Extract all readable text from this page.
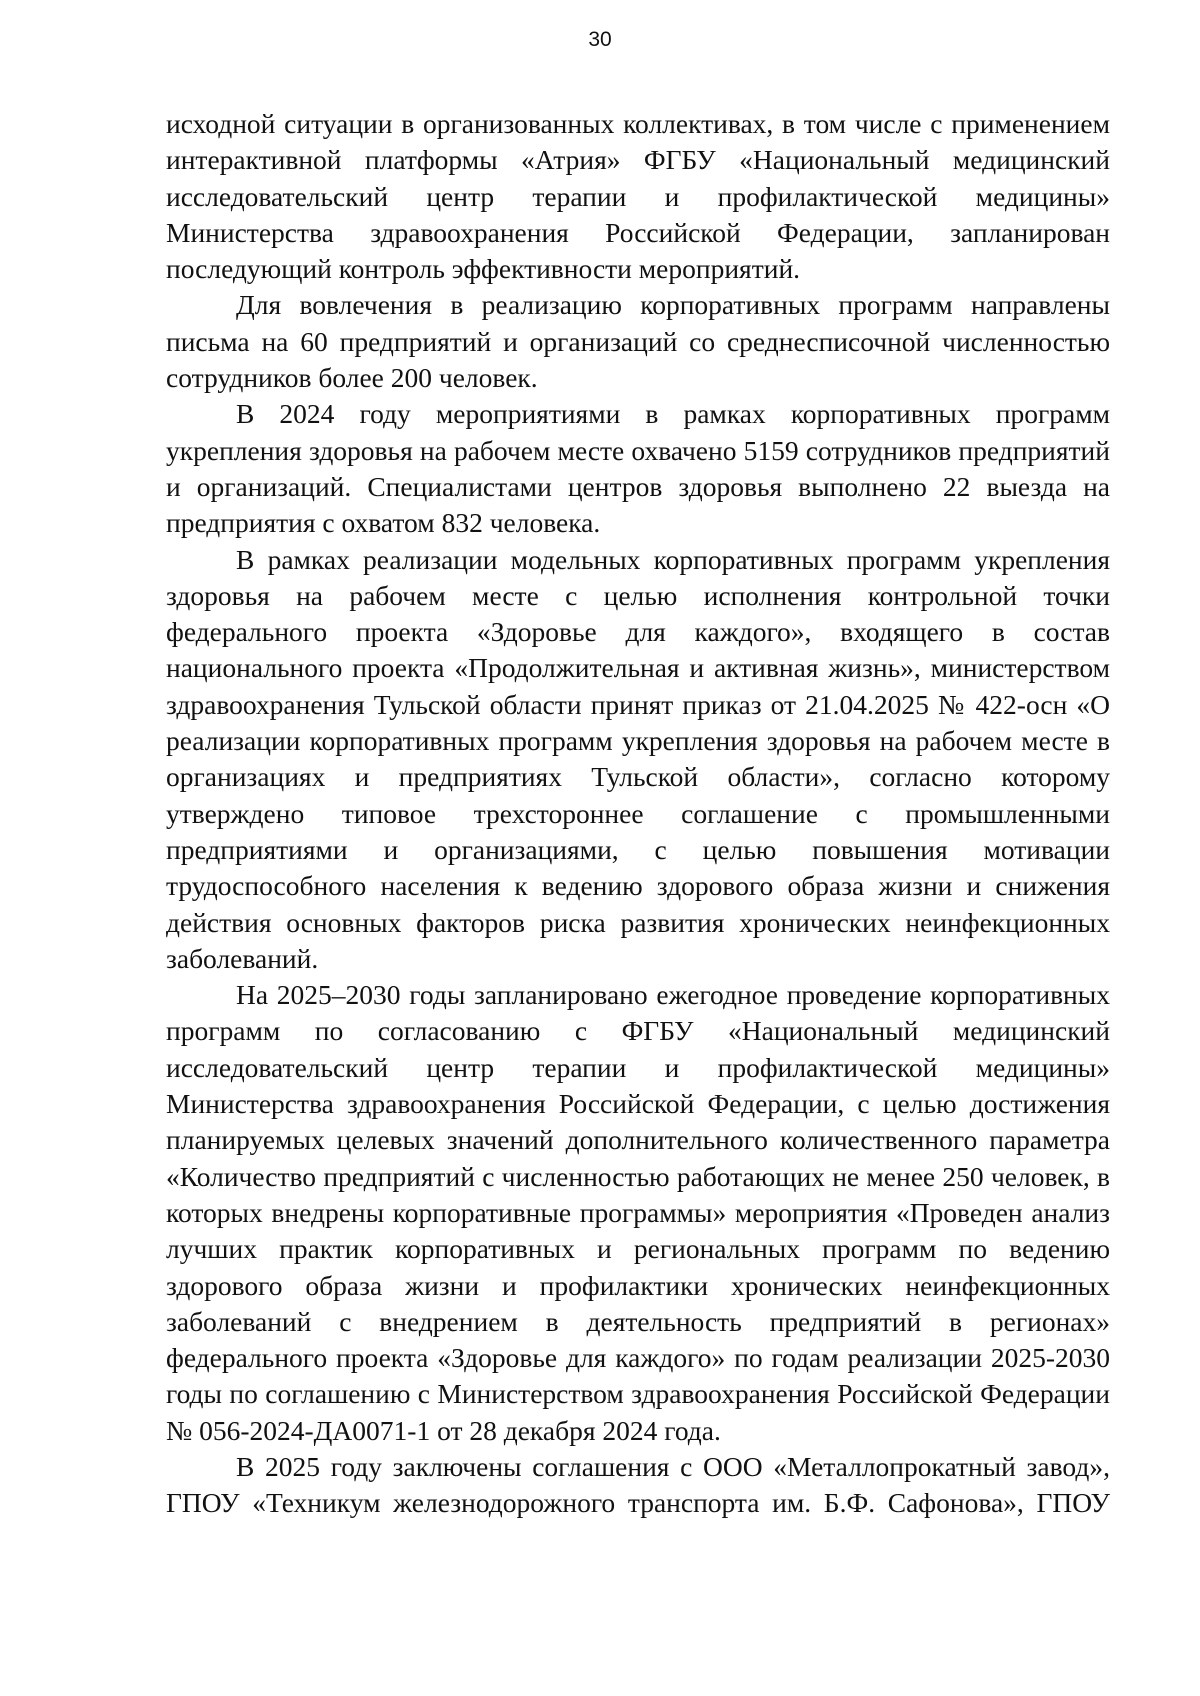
30

исходной ситуации в организованных коллективах, в том числе с применением интерактивной платформы «Атрия» ФГБУ «Национальный медицинский исследовательский центр терапии и профилактической медицины» Министерства здравоохранения Российской Федерации, запланирован последующий контроль эффективности мероприятий.

Для вовлечения в реализацию корпоративных программ направлены письма на 60 предприятий и организаций со среднесписочной численностью сотрудников более 200 человек.

В 2024 году мероприятиями в рамках корпоративных программ укрепления здоровья на рабочем месте охвачено 5159 сотрудников предприятий и организаций. Специалистами центров здоровья выполнено 22 выезда на предприятия с охватом 832 человека.

В рамках реализации модельных корпоративных программ укрепления здоровья на рабочем месте с целью исполнения контрольной точки федерального проекта «Здоровье для каждого», входящего в состав национального проекта «Продолжительная и активная жизнь», министерством здравоохранения Тульской области принят приказ от 21.04.2025 № 422-осн «О реализации корпоративных программ укрепления здоровья на рабочем месте в организациях и предприятиях Тульской области», согласно которому утверждено типовое трехстороннее соглашение с промышленными предприятиями и организациями, с целью повышения мотивации трудоспособного населения к ведению здорового образа жизни и снижения действия основных факторов риска развития хронических неинфекционных заболеваний.

На 2025–2030 годы запланировано ежегодное проведение корпоративных программ по согласованию с ФГБУ «Национальный медицинский исследовательский центр терапии и профилактической медицины» Министерства здравоохранения Российской Федерации, с целью достижения планируемых целевых значений дополнительного количественного параметра «Количество предприятий с численностью работающих не менее 250 человек, в которых внедрены корпоративные программы» мероприятия «Проведен анализ лучших практик корпоративных и региональных программ по ведению здорового образа жизни и профилактики хронических неинфекционных заболеваний с внедрением в деятельность предприятий в регионах» федерального проекта «Здоровье для каждого» по годам реализации 2025-2030 годы по соглашению с Министерством здравоохранения Российской Федерации № 056-2024-ДА0071-1 от 28 декабря 2024 года.

В 2025 году заключены соглашения с ООО «Металлопрокатный завод», ГПОУ «Техникум железнодорожного транспорта им. Б.Ф. Сафонова», ГПОУ
